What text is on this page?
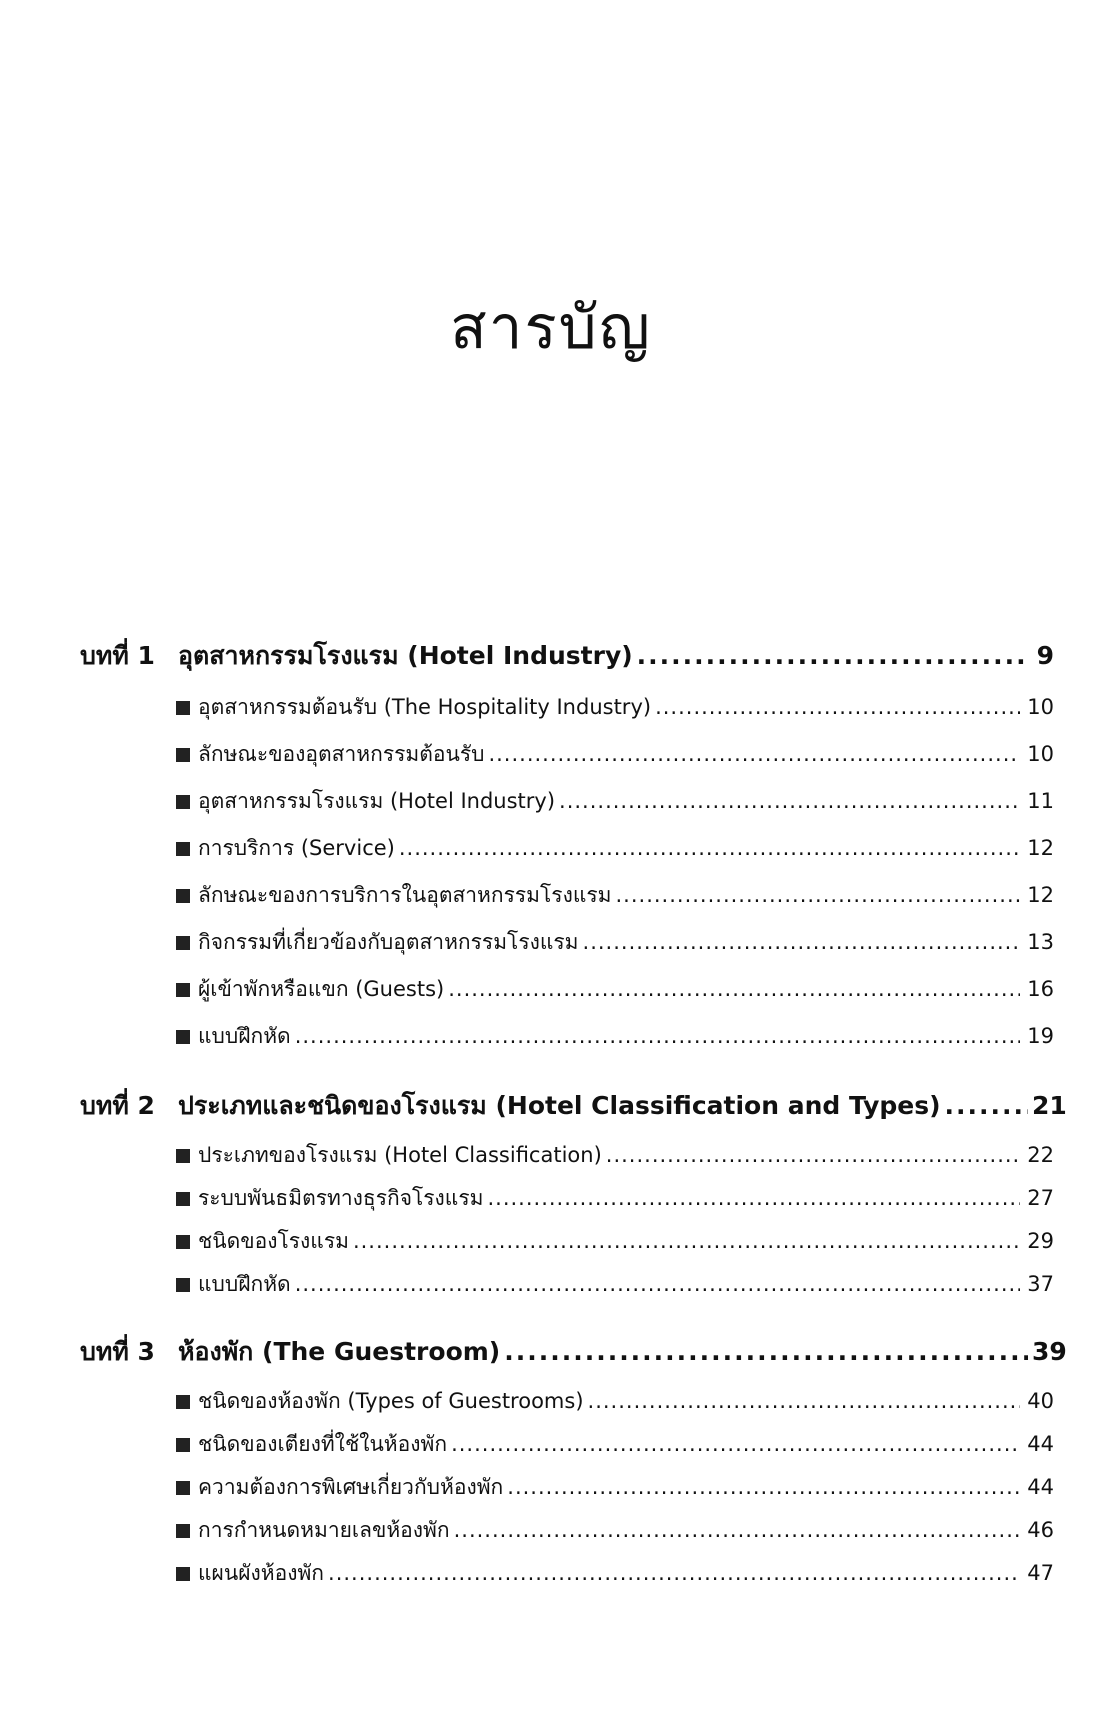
สารบัญ
บทที่ 1 อุตสาหกรรมโรงแรม (Hotel Industry) .....	9
อุตสาหกรรมต้อนรับ (The Hospitality Industry) .....	10
ลักษณะของอุตสาหกรรมต้อนรับ .....	10
อุตสาหกรรมโรงแรม (Hotel Industry) .....	11
การบริการ (Service) .....	12
ลักษณะของการบริการในอุตสาหกรรมโรงแรม .....	12
กิจกรรมที่เกี่ยวข้องกับอุตสาหกรรมโรงแรม .....	13
ผู้เข้าพักหรือแขก (Guests) .....	16
แบบฝึกหัด .....	19
บทที่ 2 ประเภทและชนิดของโรงแรม (Hotel Classification and Types) .....	21
ประเภทของโรงแรม (Hotel Classification) .....	22
ระบบพันธมิตรทางธุรกิจโรงแรม .....	27
ชนิดของโรงแรม .....	29
แบบฝึกหัด .....	37
บทที่ 3 ห้องพัก (The Guestroom) .....	39
ชนิดของห้องพัก (Types of Guestrooms) .....	40
ชนิดของเตียงที่ใช้ในห้องพัก .....	44
ความต้องการพิเศษเกี่ยวกับห้องพัก .....	44
การกำหนดหมายเลขห้องพัก .....	46
แผนผังห้องพัก .....	47
